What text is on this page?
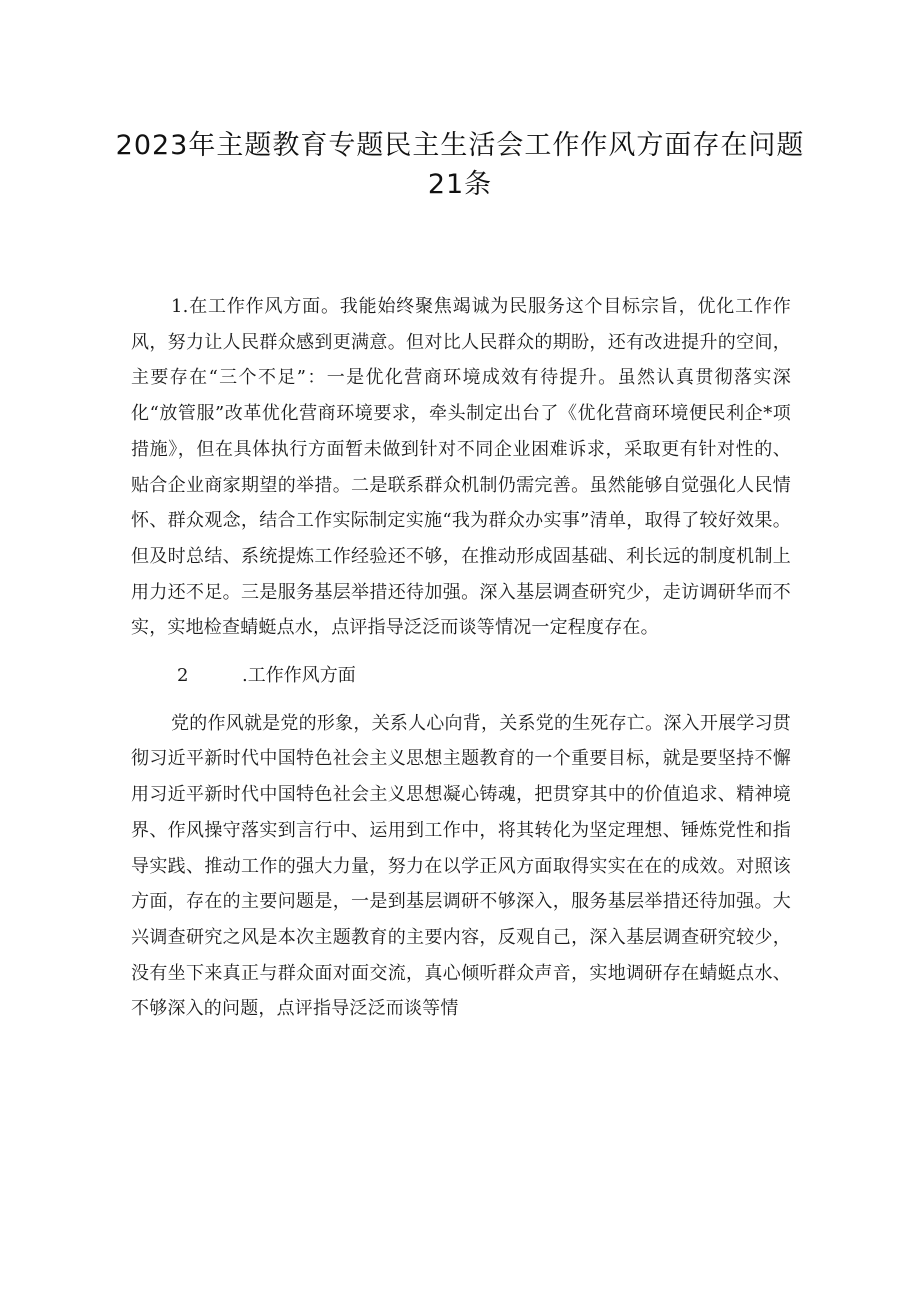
2023年主题教育专题民主生活会工作作风方面存在问题
21条

1.在工作作风方面。我能始终聚焦竭诚为民服务这个目标宗旨，优化工作作风，努力让人民群众感到更满意。但对比人民群众的期盼，还有改进提升的空间，主要存在“三个不足”：一是优化营商环境成效有待提升。虽然认真贯彻落实深化“放管服”改革优化营商环境要求，牵头制定出台了《优化营商环境便民利企*项措施》，但在具体执行方面暂未做到针对不同企业困难诉求，采取更有针对性的、贴合企业商家期望的举措。二是联系群众机制仍需完善。虽然能够自觉强化人民情怀、群众观念，结合工作实际制定实施“我为群众办实事”清单，取得了较好效果。但及时总结、系统提炼工作经验还不够，在推动形成固基础、利长远的制度机制上用力还不足。三是服务基层举措还待加强。深入基层调查研究少，走访调研华而不实，实地检查蜻蜓点水，点评指导泛泛而谈等情况一定程度存在。

2	.工作作风方面

党的作风就是党的形象，关系人心向背，关系党的生死存亡。深入开展学习贯彻习近平新时代中国特色社会主义思想主题教育的一个重要目标，就是要坚持不懈用习近平新时代中国特色社会主义思想凝心铸魂，把贯穿其中的价值追求、精神境界、作风操守落实到言行中、运用到工作中，将其转化为坚定理想、锤炼党性和指导实践、推动工作的强大力量，努力在以学正风方面取得实实在在的成效。对照该方面，存在的主要问题是，一是到基层调研不够深入，服务基层举措还待加强。大兴调查研究之风是本次主题教育的主要内容，反观自己，深入基层调查研究较少，没有坐下来真正与群众面对面交流，真心倾听群众声音，实地调研存在蜻蜓点水、不够深入的问题，点评指导泛泛而谈等情
